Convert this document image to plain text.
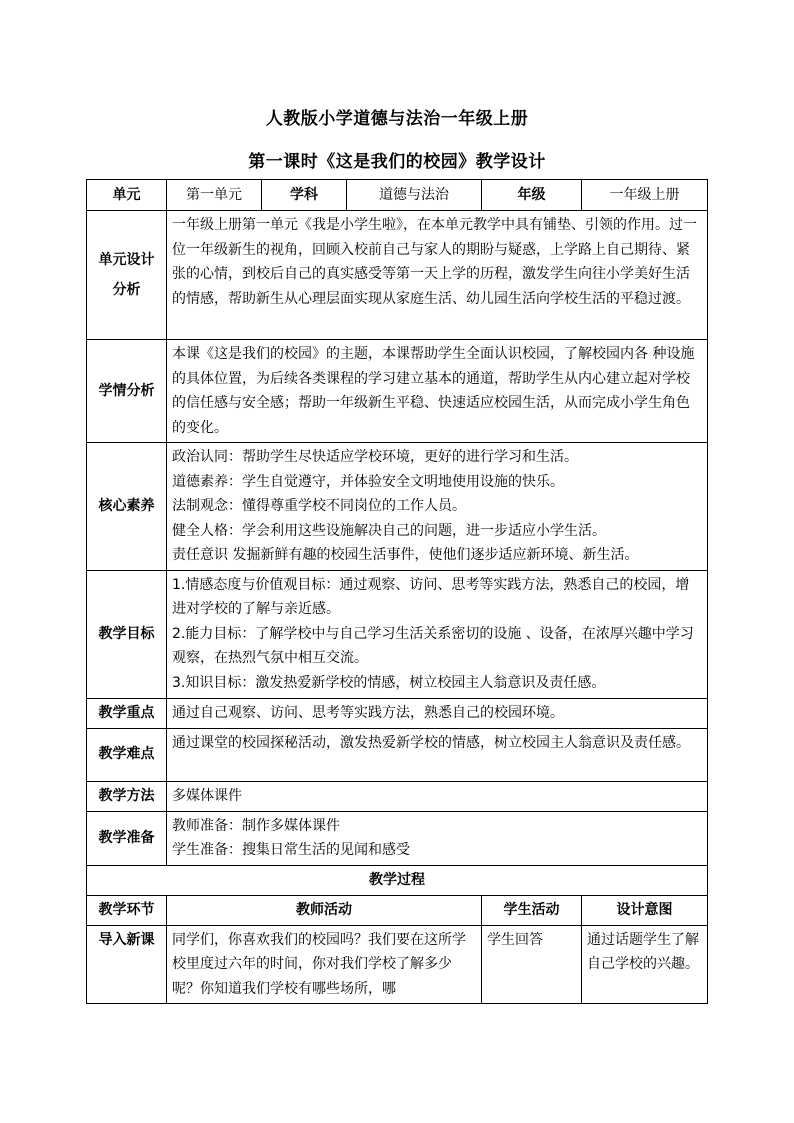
人教版小学道德与法治一年级上册
第一课时《这是我们的校园》教学设计
单元	第一单元	学科	道德与法治	年级	一年级上册

单元设计
分析	一年级上册第一单元《我是小学生啦》，在本单元教学中具有铺垫、引领的作用。过一位一年级新生的视角，回顾入校前自己与家人的期盼与疑惑，上学路上自己期待、紧张的心情，到校后自己的真实感受等第一天上学的历程，激发学生向往小学美好生活的情感，帮助新生从心理层面实现从家庭生活、幼儿园生活向学校生活的平稳过渡。				
学情分析	本课《这是我们的校园》的主题，本课帮助学生全面认识校园，了解校园内各 种设施的具体位置，为后续各类课程的学习建立基本的通道，帮助学生从内心建立起对学校的信任感与安全感；帮助一年级新生平稳、快速适应校园生活，从而完成小学生角色的变化。				
核心素养	政治认同：帮助学生尽快适应学校环境，更好的进行学习和生活。
道德素养：学生自觉遵守，并体验安全文明地使用设施的快乐。
法制观念：懂得尊重学校不同岗位的工作人员。
健全人格：学会利用这些设施解决自己的问题，进一步适应小学生活。
责任意识 发掘新鲜有趣的校园生活事件，使他们逐步适应新环境、新生活。				

教学目标	1.情感态度与价值观目标：通过观察、访问、思考等实践方法，熟悉自己的校园，增进对学校的了解与亲近感。
2.能力目标：了解学校中与自己学习生活关系密切的设施 、设备，在浓厚兴趣中学习观察，在热烈气氛中相互交流。
3.知识目标：激发热爱新学校的情感，树立校园主人翁意识及责任感。				

教学重点	通过自己观察、访问、思考等实践方法，熟悉自己的校园环境。				
教学难点	通过课堂的校园探秘活动，激发热爱新学校的情感，树立校园主人翁意识及责任感。				
教学方法	多媒体课件				
教学准备	教师准备：制作多媒体课件
学生准备：搜集日常生活的见闻和感受				

教学过程					
教学环节	教师活动			学生活动	设计意图
导入新课	同学们，你喜欢我们的校园吗？我们要在这所学校里度过六年的时间，你对我们学校了解多少呢？你知道我们学校有哪些场所，哪			学生回答	通过话题学生了解自己学校的兴趣。
